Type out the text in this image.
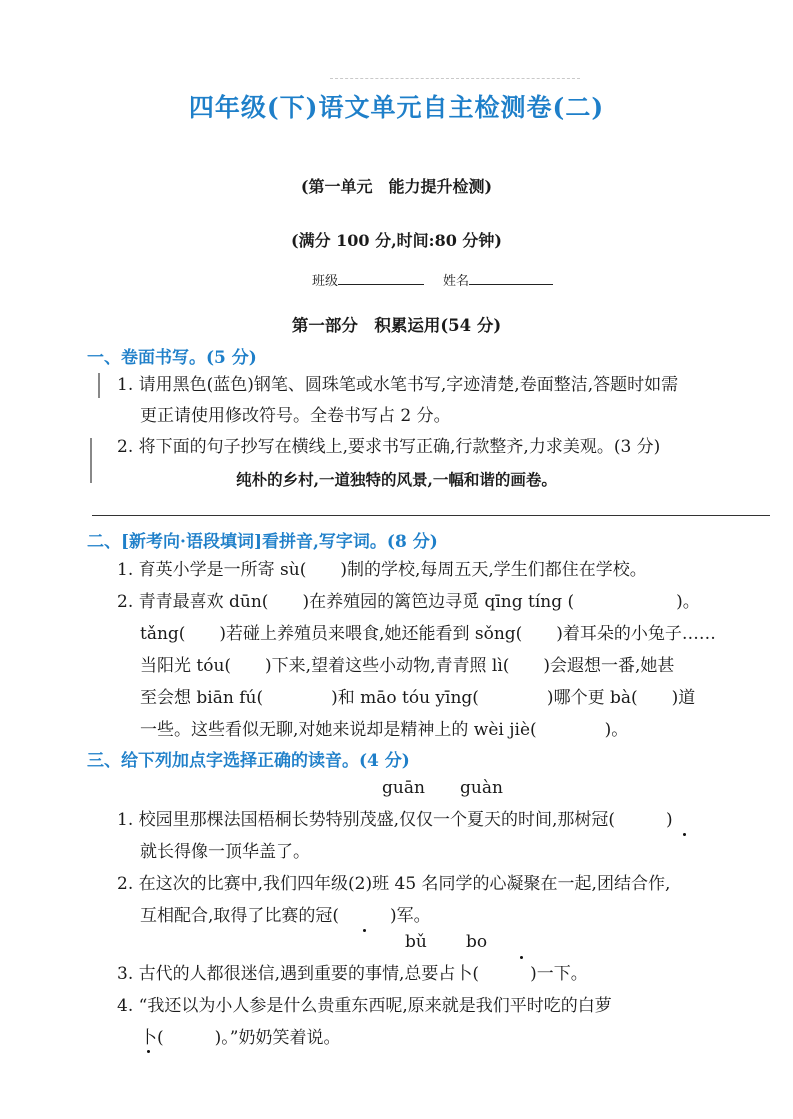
四年级(下)语文单元自主检测卷(二)
(第一单元　能力提升检测)
(满分 100 分,时间:80 分钟)
班级	姓名
第一部分　积累运用(54 分)
一、卷面书写。(5 分)
1. 请用黑色(蓝色)钢笔、圆珠笔或水笔书写,字迹清楚,卷面整洁,答题时如需
更正请使用修改符号。全卷书写占 2 分。
2. 将下面的句子抄写在横线上,要求书写正确,行款整齐,力求美观。(3 分)
纯朴的乡村,一道独特的风景,一幅和谐的画卷。
二、[新考向·语段填词]看拼音,写字词。(8 分)
1. 育英小学是一所寄 sù(　　)制的学校,每周五天,学生们都住在学校。
2. 青青最喜欢 dūn(　　)在养殖园的篱笆边寻觅 qīng tíng (　　　　　　)。
tǎng(　　)若碰上养殖员来喂食,她还能看到 sǒng(　　)着耳朵的小兔子……
当阳光 tóu(　　)下来,望着这些小动物,青青照 lì(　　)会遐想一番,她甚
至会想 biān fú(　　　　)和 māo tóu yīng(　　　　)哪个更 bà(　　)道
一些。这些看似无聊,对她来说却是精神上的 wèi jiè(　　　　)。
三、给下列加点字选择正确的读音。(4 分)
guān guàn
1. 校园里那棵法国梧桐长势特别茂盛,仅仅一个夏天的时间,那树冠(　　　)
就长得像一顶华盖了。
2. 在这次的比赛中,我们四年级(2)班 45 名同学的心凝聚在一起,团结合作,
互相配合,取得了比赛的冠(　　　)军。
bǔ bo
3. 古代的人都很迷信,遇到重要的事情,总要占卜(　　　)一下。
4. “我还以为小人参是什么贵重东西呢,原来就是我们平时吃的白萝
卜(　　　)。”奶奶笑着说。
